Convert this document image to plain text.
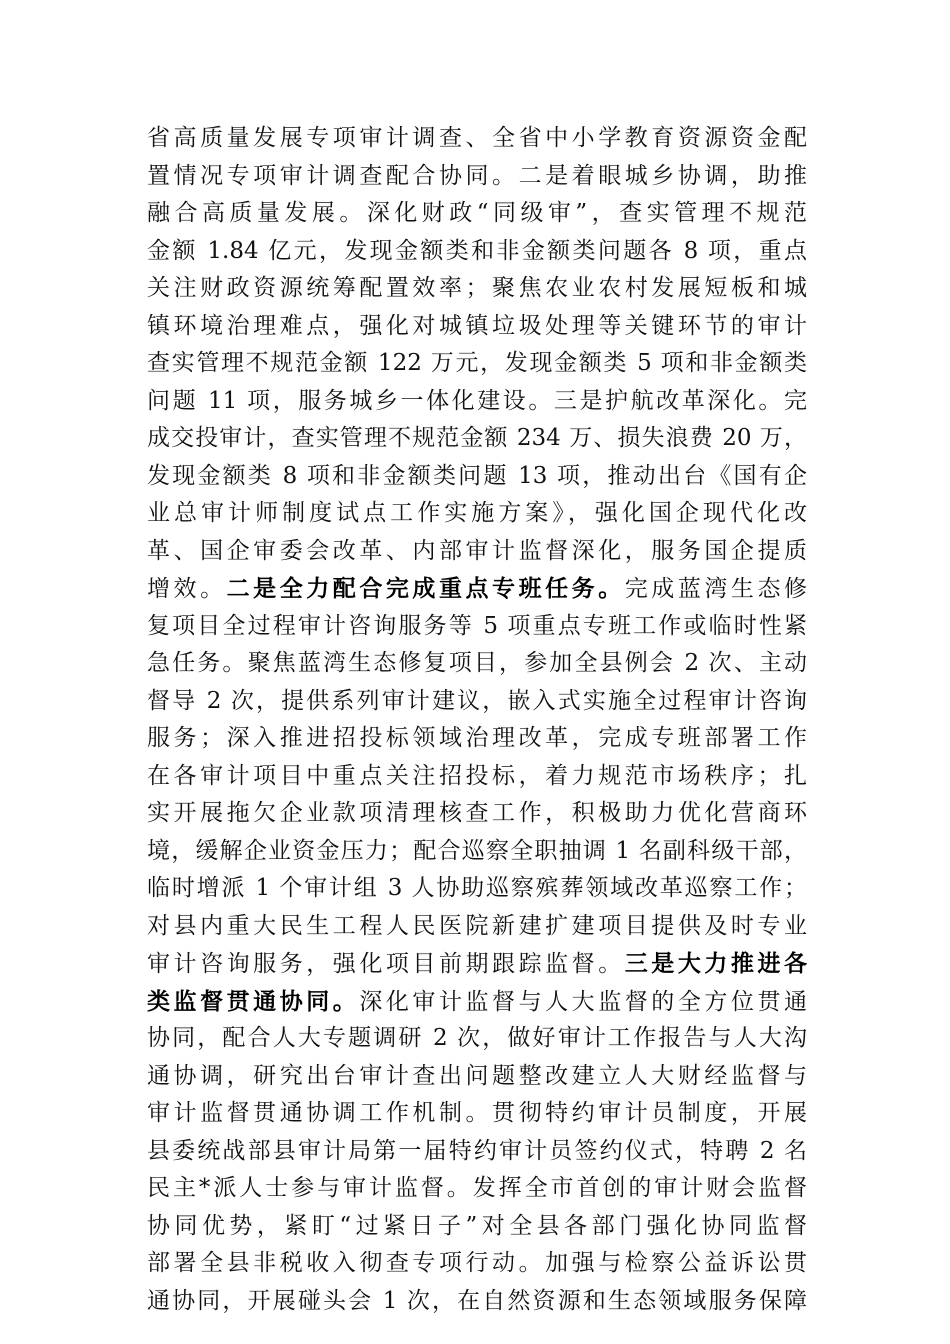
省高质量发展专项审计调查、全省中小学教育资源资金配
置情况专项审计调查配合协同。二是着眼城乡协调，助推
融合高质量发展。深化财政“同级审”，查实管理不规范
金额 1.84 亿元，发现金额类和非金额类问题各 8 项，重点
关注财政资源统筹配置效率；聚焦农业农村发展短板和城
镇环境治理难点，强化对城镇垃圾处理等关键环节的审计
查实管理不规范金额 122 万元，发现金额类 5 项和非金额类
问题 11 项，服务城乡一体化建设。三是护航改革深化。完
成交投审计，查实管理不规范金额 234 万、损失浪费 20 万，
发现金额类 8 项和非金额类问题 13 项，推动出台《国有企
业总审计师制度试点工作实施方案》，强化国企现代化改
革、国企审委会改革、内部审计监督深化，服务国企提质
增效。二是全力配合完成重点专班任务。完成蓝湾生态修
复项目全过程审计咨询服务等 5 项重点专班工作或临时性紧
急任务。聚焦蓝湾生态修复项目，参加全县例会 2 次、主动
督导 2 次，提供系列审计建议，嵌入式实施全过程审计咨询
服务；深入推进招投标领域治理改革，完成专班部署工作
在各审计项目中重点关注招投标，着力规范市场秩序；扎
实开展拖欠企业款项清理核查工作，积极助力优化营商环
境，缓解企业资金压力；配合巡察全职抽调 1 名副科级干部，
临时增派 1 个审计组 3 人协助巡察殡葬领域改革巡察工作；
对县内重大民生工程人民医院新建扩建项目提供及时专业
审计咨询服务，强化项目前期跟踪监督。三是大力推进各
类监督贯通协同。深化审计监督与人大监督的全方位贯通
协同，配合人大专题调研 2 次，做好审计工作报告与人大沟
通协调，研究出台审计查出问题整改建立人大财经监督与
审计监督贯通协调工作机制。贯彻特约审计员制度，开展
县委统战部县审计局第一届特约审计员签约仪式，特聘 2 名
民主*派人士参与审计监督。发挥全市首创的审计财会监督
协同优势，紧盯“过紧日子”对全县各部门强化协同监督
部署全县非税收入彻查专项行动。加强与检察公益诉讼贯
通协同，开展碰头会 1 次，在自然资源和生态领域服务保障
